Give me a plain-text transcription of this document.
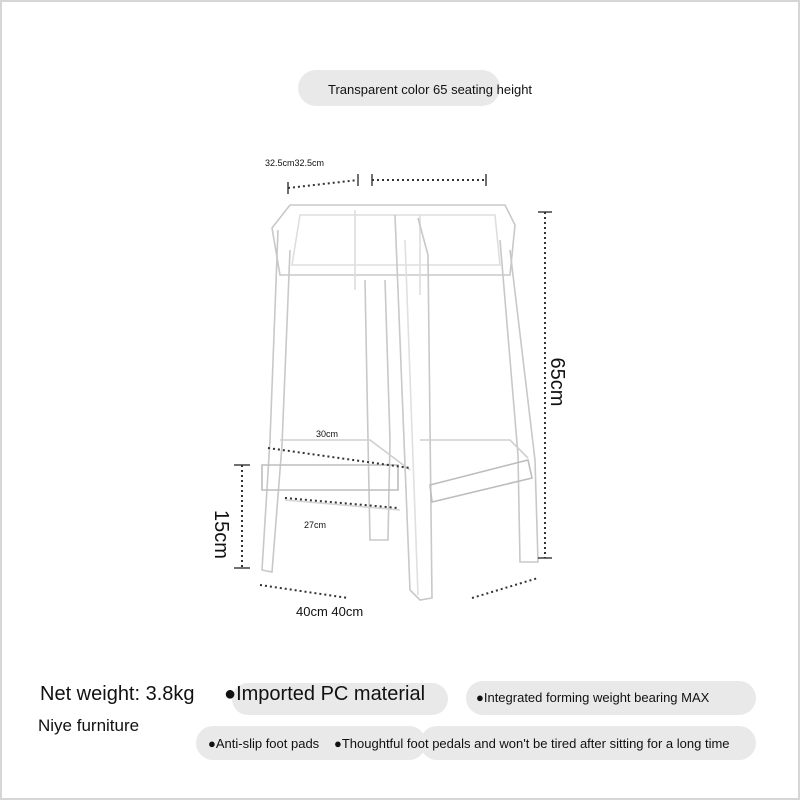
Transparent color 65 seating height
32.5cm32.5cm
65cm
30cm
27cm
15cm
40cm 40cm
Net weight: 3.8kg ●Imported PC material	●Integrated forming weight bearing MAX
Niye furniture
●Anti-slip foot pads ●Thoughtful foot pedals and won't be tired after sitting for a long time
